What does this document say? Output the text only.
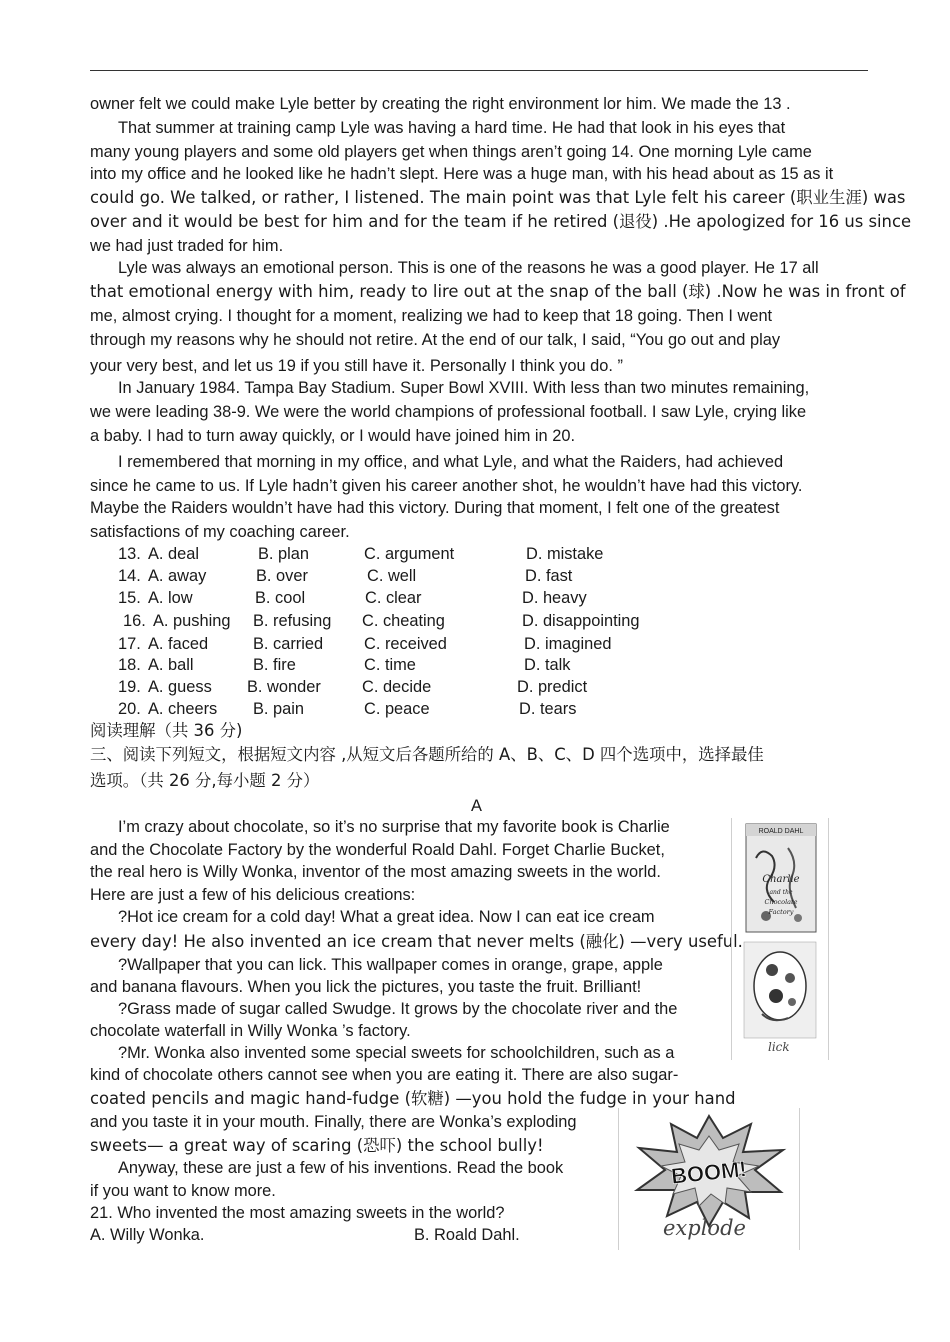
owner felt we could make Lyle better by creating the right environment lor him. We made the 13 .
That summer at training camp Lyle was having a hard time. He had that look in his eyes that
many young players and some old players get when things aren’t going 14. One morning Lyle came
into my office and he looked like he hadn’t slept. Here was a huge man, with his head about as 15 as it
could go. We talked, or rather, I listened. The main point was that Lyle felt his career (职业生涯) was
over and it would be best for him and for the team if he retired (退役) .He apologized for 16 us since
we had just traded for him.
Lyle was always an emotional person. This is one of the reasons he was a good player. He 17 all
that emotional energy with him, ready to lire out at the snap of the ball (球) .Now he was in front of
me, almost crying. I thought for a moment, realizing we had to keep that 18 going. Then I went
through my reasons why he should not retire. At the end of our talk, I said, “You go out and play
your very best, and let us 19 if you still have it. Personally I think you do. ”
In January 1984. Tampa Bay Stadium. Super Bowl XVIII. With less than two minutes remaining,
we were leading 38-9. We were the world champions of professional football. I saw Lyle, crying like
a baby. I had to turn away quickly, or I would have joined him in 20.
I remembered that morning in my office, and what Lyle, and what the Raiders, had achieved
since he came to us. If Lyle hadn’t given his career another shot, he wouldn’t have had this victory.
Maybe the Raiders wouldn’t have had this victory. During that moment, I felt one of the greatest
satisfactions of my coaching career.
13. A. deal	B. plan	C. argument	D. mistake
14. A. away	B. over	C. well	D. fast
15. A. low	B. cool	C. clear	D. heavy
16. A. pushing B. refusing C. cheating	D. disappointing
17. A. faced	B. carried C. received	D. imagined
18. A. ball	B. fire	C. time	D. talk
19. A. guess B. wonder	C. decide	D. predict
20. A. cheers B. pain	C. peace	D. tears
阅读理解（共 36 分)
三、阅读下列短文，根据短文内容 ,从短文后各题所给的 A、B、C、D 四个选项中，选择最佳
选项。（共 26 分,每小题 2 分）
A
I’m crazy about chocolate, so it’s no surprise that my favorite book is Charlie
and the Chocolate Factory by the wonderful Roald Dahl. Forget Charlie Bucket,
the real hero is Willy Wonka, inventor of the most amazing sweets in the world.
Here are just a few of his delicious creations:
?Hot ice cream for a cold day! What a great idea. Now I can eat ice cream
every day! He also invented an ice cream that never melts (融化) —very useful.
?Wallpaper that you can lick. This wallpaper comes in orange, grape, apple
and banana flavours. When you lick the pictures, you taste the fruit. Brilliant!
?Grass made of sugar called Swudge. It grows by the chocolate river and the
chocolate waterfall in Willy Wonka ’s factory.
?Mr. Wonka also invented some special sweets for schoolchildren, such as a
kind of chocolate others cannot see when you are eating it. There are also sugar-
coated pencils and magic hand-fudge (软糖) —you hold the fudge in your hand
and you taste it in your mouth. Finally, there are Wonka’s exploding
sweets— a great way of scaring (恐吓) the school bully!
Anyway, these are just a few of his inventions. Read the book
if you want to know more.
21. Who invented the most amazing sweets in the world?
A. Willy Wonka.	B. Roald Dahl.
ROALD DAHL
Charlie
and the
Chocolate
Factory
lick
BOOM!
explode
